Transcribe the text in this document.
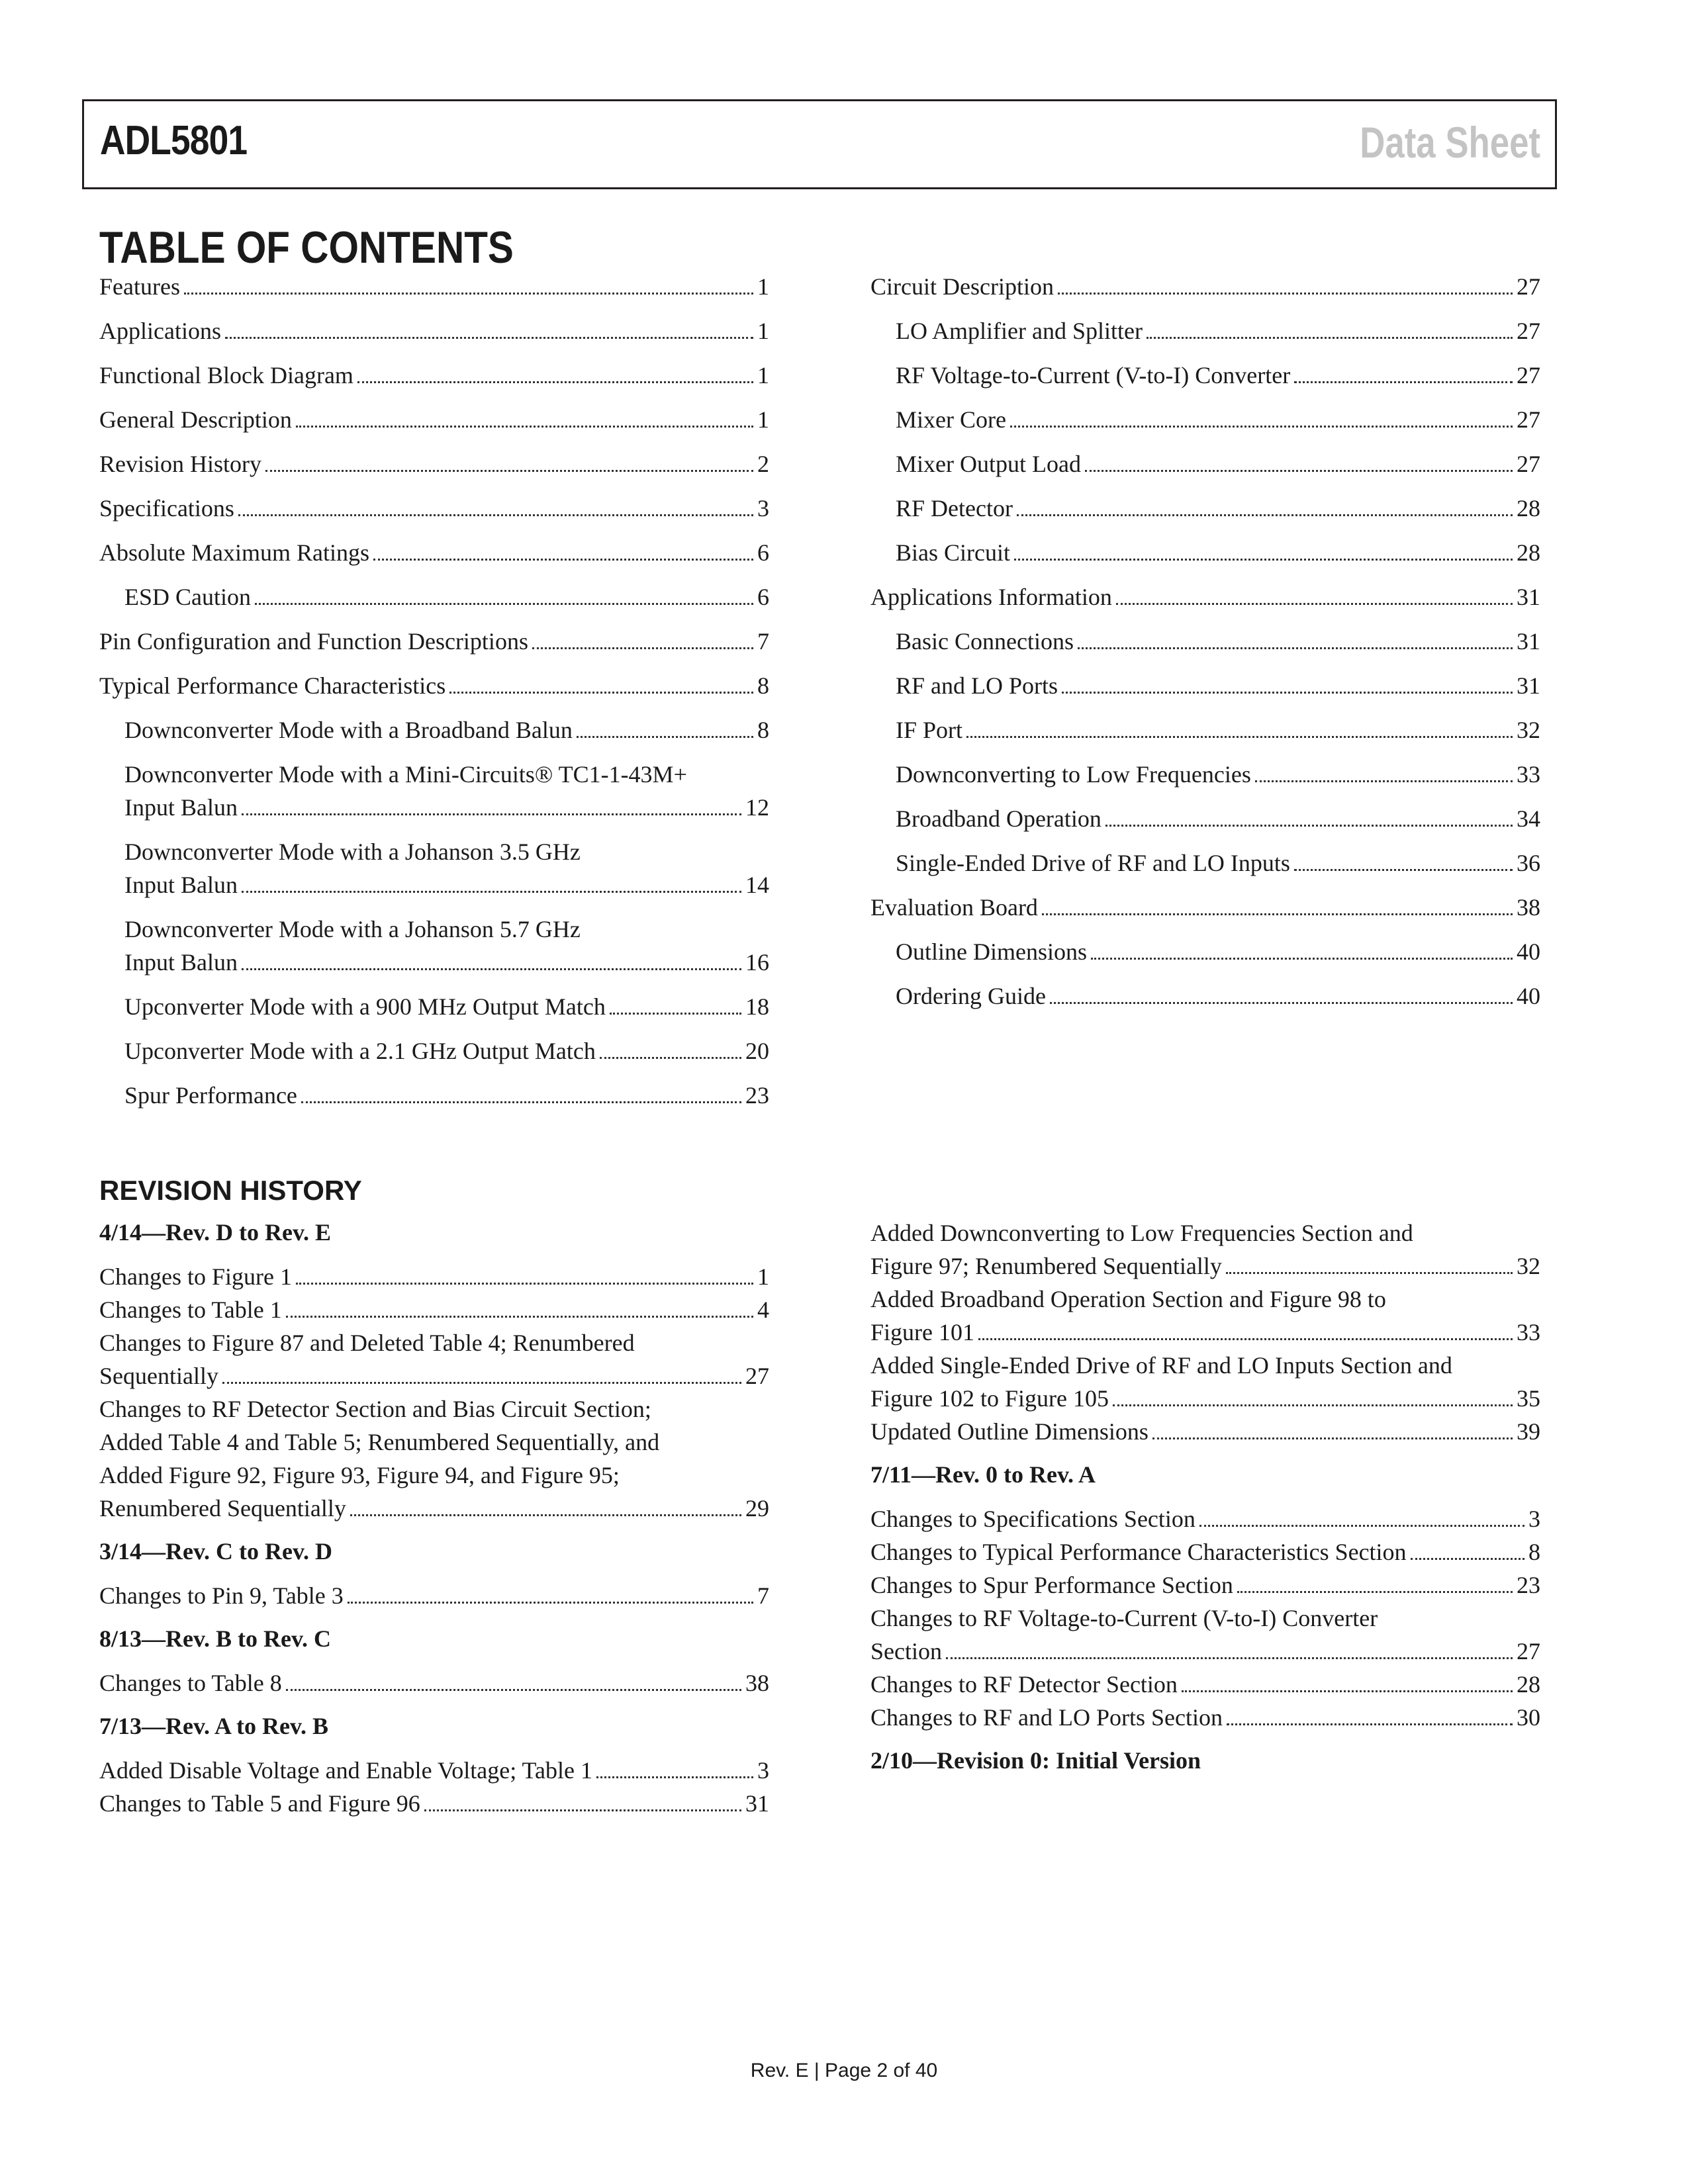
ADL5801	Data Sheet
TABLE OF CONTENTS
Features	1
Applications	1
Functional Block Diagram	1
General Description	1
Revision History	2
Specifications	3
Absolute Maximum Ratings	6
ESD Caution	6
Pin Configuration and Function Descriptions	7
Typical Performance Characteristics	8
Downconverter Mode with a Broadband Balun	8
Downconverter Mode with a Mini-Circuits® TC1-1-43M+
Input Balun	12
Downconverter Mode with a Johanson 3.5 GHz
Input Balun	14
Downconverter Mode with a Johanson 5.7 GHz
Input Balun	16
Upconverter Mode with a 900 MHz Output Match	18
Upconverter Mode with a 2.1 GHz Output Match	20
Spur Performance	23
Circuit Description	27
LO Amplifier and Splitter	27
RF Voltage-to-Current (V-to-I) Converter	27
Mixer Core	27
Mixer Output Load	27
RF Detector	28
Bias Circuit	28
Applications Information	31
Basic Connections	31
RF and LO Ports	31
IF Port	32
Downconverting to Low Frequencies	33
Broadband Operation	34
Single-Ended Drive of RF and LO Inputs	36
Evaluation Board	38
Outline Dimensions	40
Ordering Guide	40
REVISION HISTORY
4/14—Rev. D to Rev. E
Changes to Figure 1	1
Changes to Table 1	4
Changes to Figure 87 and Deleted Table 4; Renumbered
Sequentially	27
Changes to RF Detector Section and Bias Circuit Section;
Added Table 4 and Table 5; Renumbered Sequentially, and
Added Figure 92, Figure 93, Figure 94, and Figure 95;
Renumbered Sequentially	29
3/14—Rev. C to Rev. D
Changes to Pin 9, Table 3	7
8/13—Rev. B to Rev. C
Changes to Table 8	38
7/13—Rev. A to Rev. B
Added Disable Voltage and Enable Voltage; Table 1	3
Changes to Table 5 and Figure 96	31
Added Downconverting to Low Frequencies Section and
Figure 97; Renumbered Sequentially	32
Added Broadband Operation Section and Figure 98 to
Figure 101	33
Added Single-Ended Drive of RF and LO Inputs Section and
Figure 102 to Figure 105	35
Updated Outline Dimensions	39
7/11—Rev. 0 to Rev. A
Changes to Specifications Section	3
Changes to Typical Performance Characteristics Section	8
Changes to Spur Performance Section	23
Changes to RF Voltage-to-Current (V-to-I) Converter
Section	27
Changes to RF Detector Section	28
Changes to RF and LO Ports Section	30
2/10—Revision 0: Initial Version
Rev. E | Page 2 of 40
